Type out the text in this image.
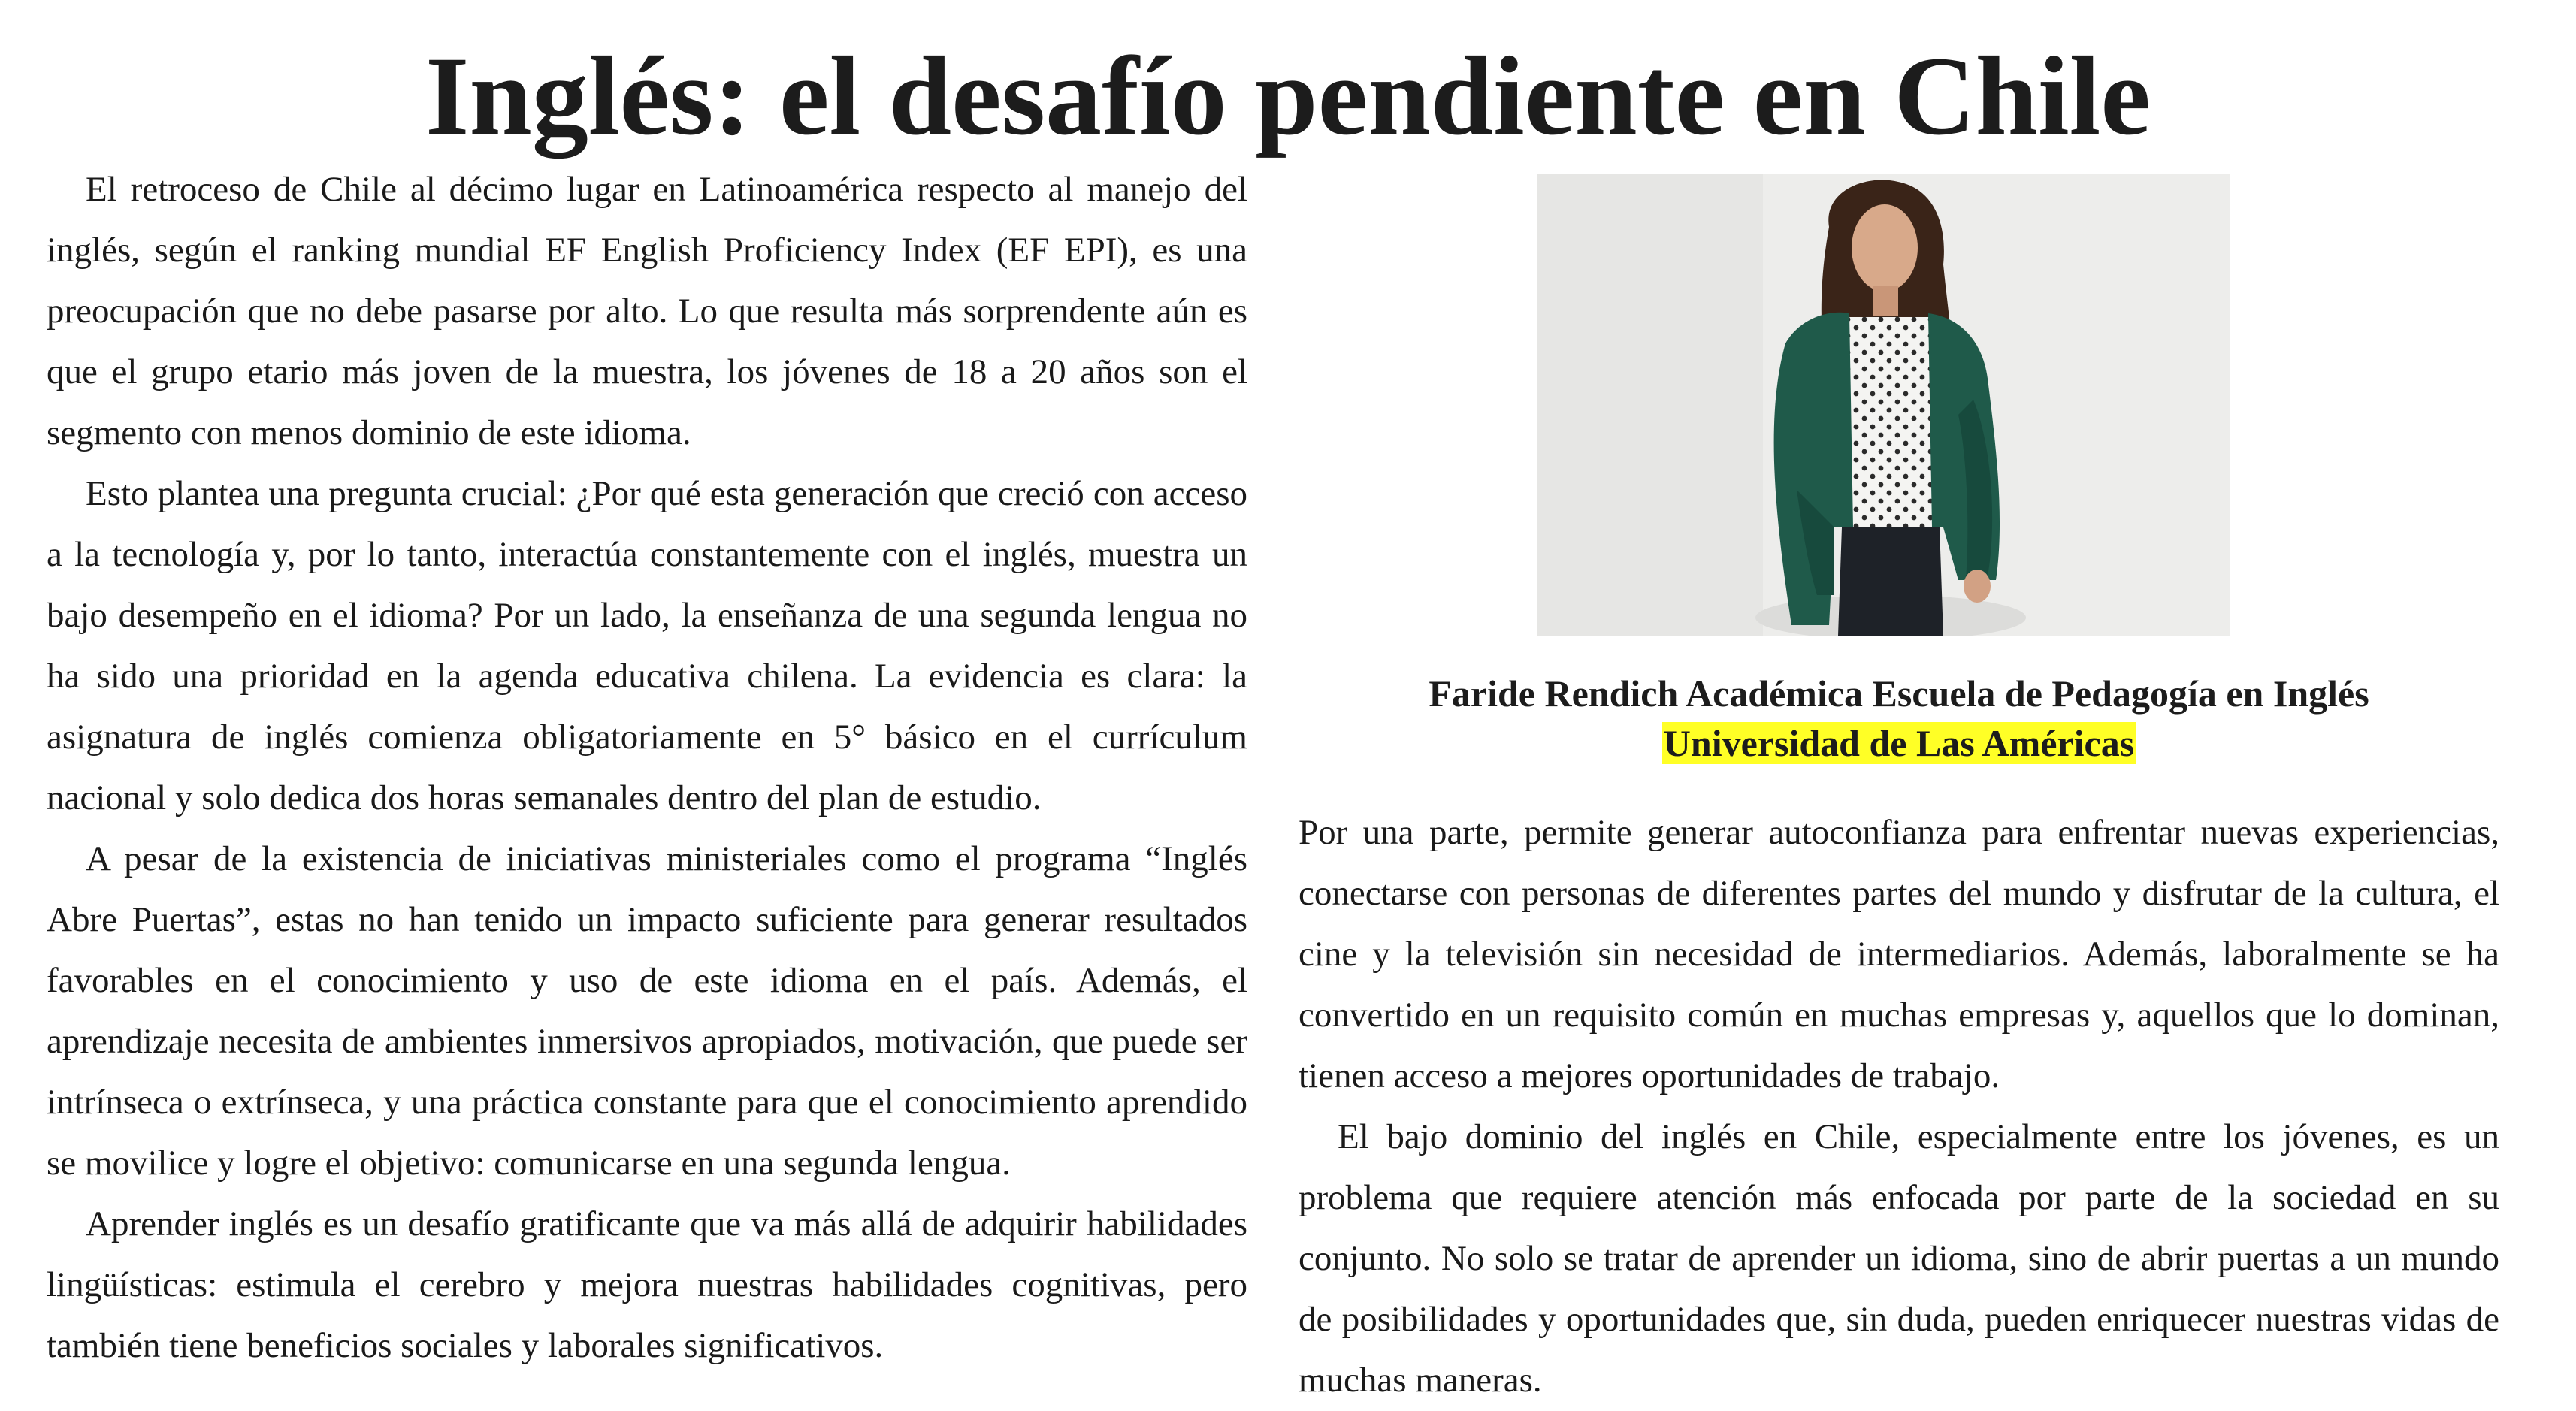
Inglés: el desafío pendiente en Chile

El retroceso de Chile al décimo lugar en Latinoamérica respecto al manejo del inglés, según el ranking mundial EF English Proficiency Index (EF EPI), es una preocupación que no debe pasarse por alto. Lo que resulta más sorprendente aún es que el grupo etario más joven de la muestra, los jóvenes de 18 a 20 años son el segmento con menos dominio de este idioma.

Esto plantea una pregunta crucial: ¿Por qué esta generación que creció con acceso a la tecnología y, por lo tanto, interactúa constantemente con el inglés, muestra un bajo desempeño en el idioma? Por un lado, la enseñanza de una segunda lengua no ha sido una prioridad en la agenda educativa chilena. La evidencia es clara: la asignatura de inglés comienza obligatoriamente en 5° básico en el currículum nacional y solo dedica dos horas semanales dentro del plan de estudio.

A pesar de la existencia de iniciativas ministeriales como el programa “Inglés Abre Puertas”, estas no han tenido un impacto suficiente para generar resultados favorables en el conocimiento y uso de este idioma en el país. Además, el aprendizaje necesita de ambientes inmersivos apropiados, motivación, que puede ser intrínseca o extrínseca, y una práctica constante para que el conocimiento aprendido se movilice y logre el objetivo: comunicarse en una segunda lengua.

Aprender inglés es un desafío gratificante que va más allá de adquirir habilidades lingüísticas: estimula el cerebro y mejora nuestras habilidades cognitivas, pero también tiene beneficios sociales y laborales significativos.

Faride Rendich Académica Escuela de Pedagogía en Inglés
Universidad de Las Américas

Por una parte, permite generar autoconfianza para enfrentar nuevas experiencias, conectarse con personas de diferentes partes del mundo y disfrutar de la cultura, el cine y la televisión sin necesidad de intermediarios. Además, laboralmente se ha convertido en un requisito común en muchas empresas y, aquellos que lo dominan, tienen acceso a mejores oportunidades de trabajo.

El bajo dominio del inglés en Chile, especialmente entre los jóvenes, es un problema que requiere atención más enfocada por parte de la sociedad en su conjunto. No solo se tratar de aprender un idioma, sino de abrir puertas a un mundo de posibilidades y oportunidades que, sin duda, pueden enriquecer nuestras vidas de muchas maneras.
